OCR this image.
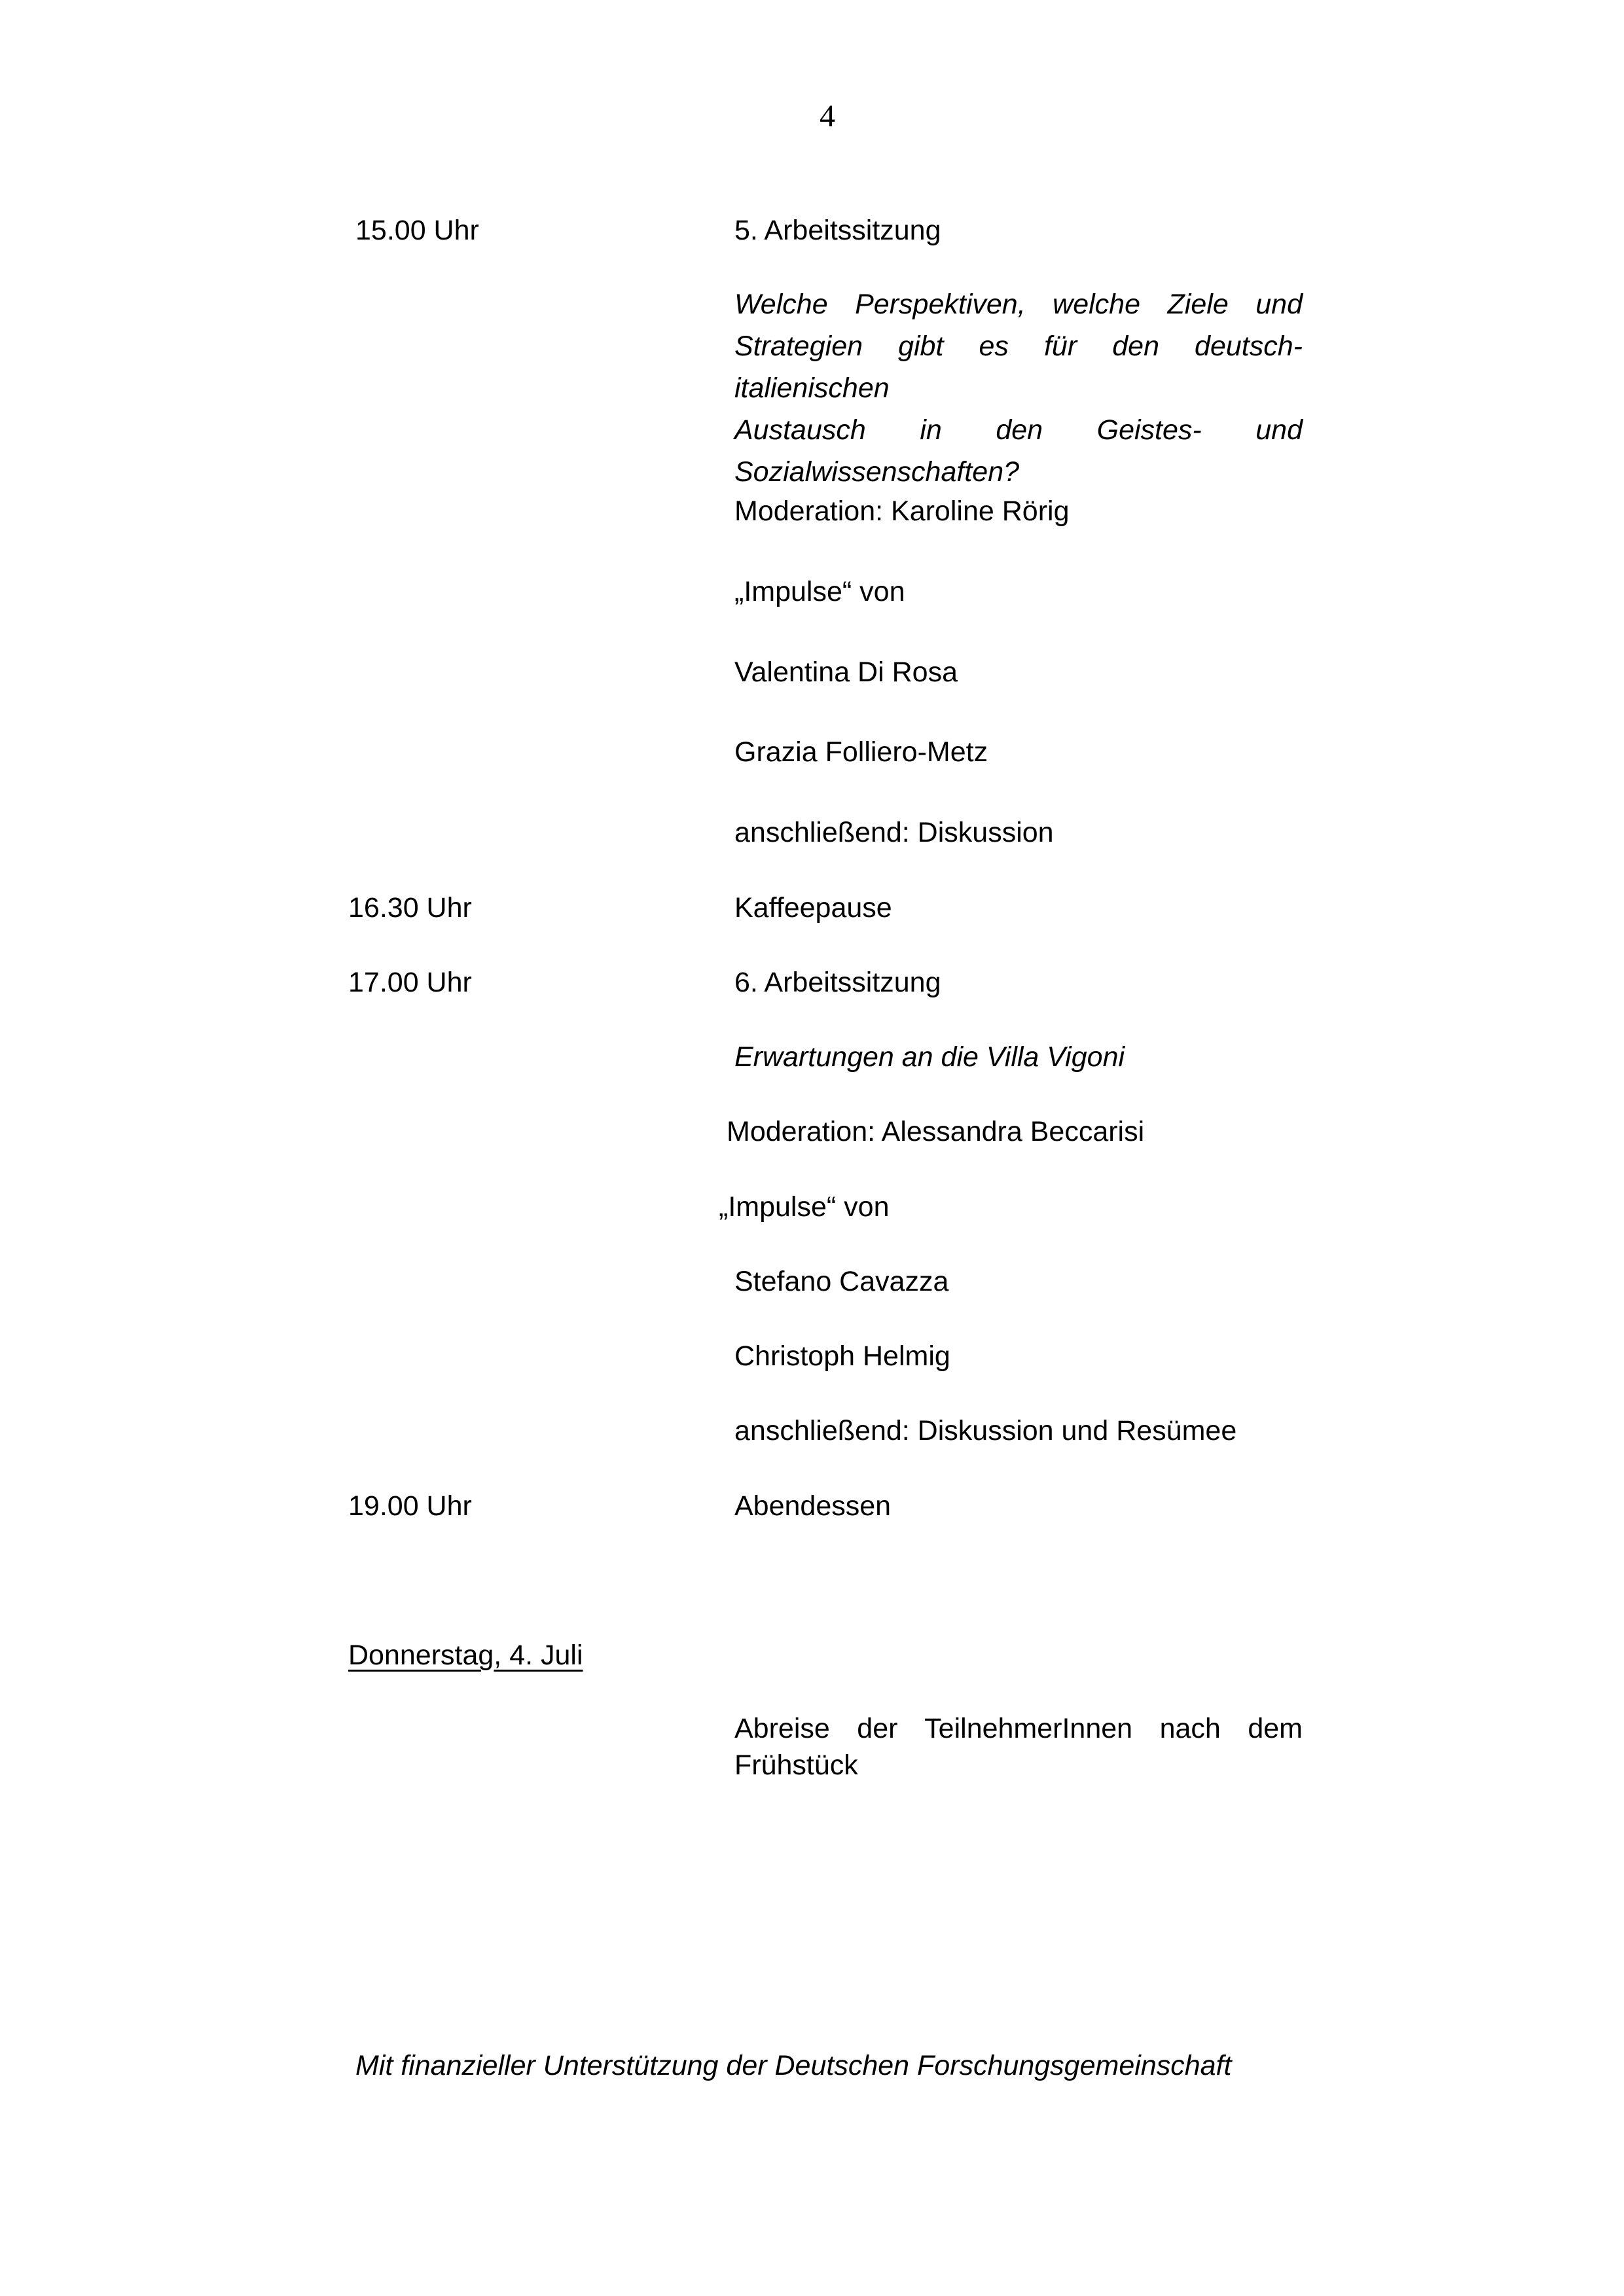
4
15.00 Uhr	5. Arbeitssitzung
Welche Perspektiven, welche Ziele und
Strategien gibt es für den deutsch-italienischen
Austausch in den Geistes- und
Sozialwissenschaften?
Moderation: Karoline Rörig
„Impulse“ von
Valentina Di Rosa
Grazia Folliero-Metz
anschließend: Diskussion
16.30 Uhr	Kaffeepause
17.00 Uhr	6. Arbeitssitzung
Erwartungen an die Villa Vigoni
Moderation: Alessandra Beccarisi
„Impulse“ von
Stefano Cavazza
Christoph Helmig
anschließend: Diskussion und Resümee
19.00 Uhr	Abendessen
Donnerstag, 4. Juli
Abreise der TeilnehmerInnen nach dem
Frühstück
Mit finanzieller Unterstützung der Deutschen Forschungsgemeinschaft
